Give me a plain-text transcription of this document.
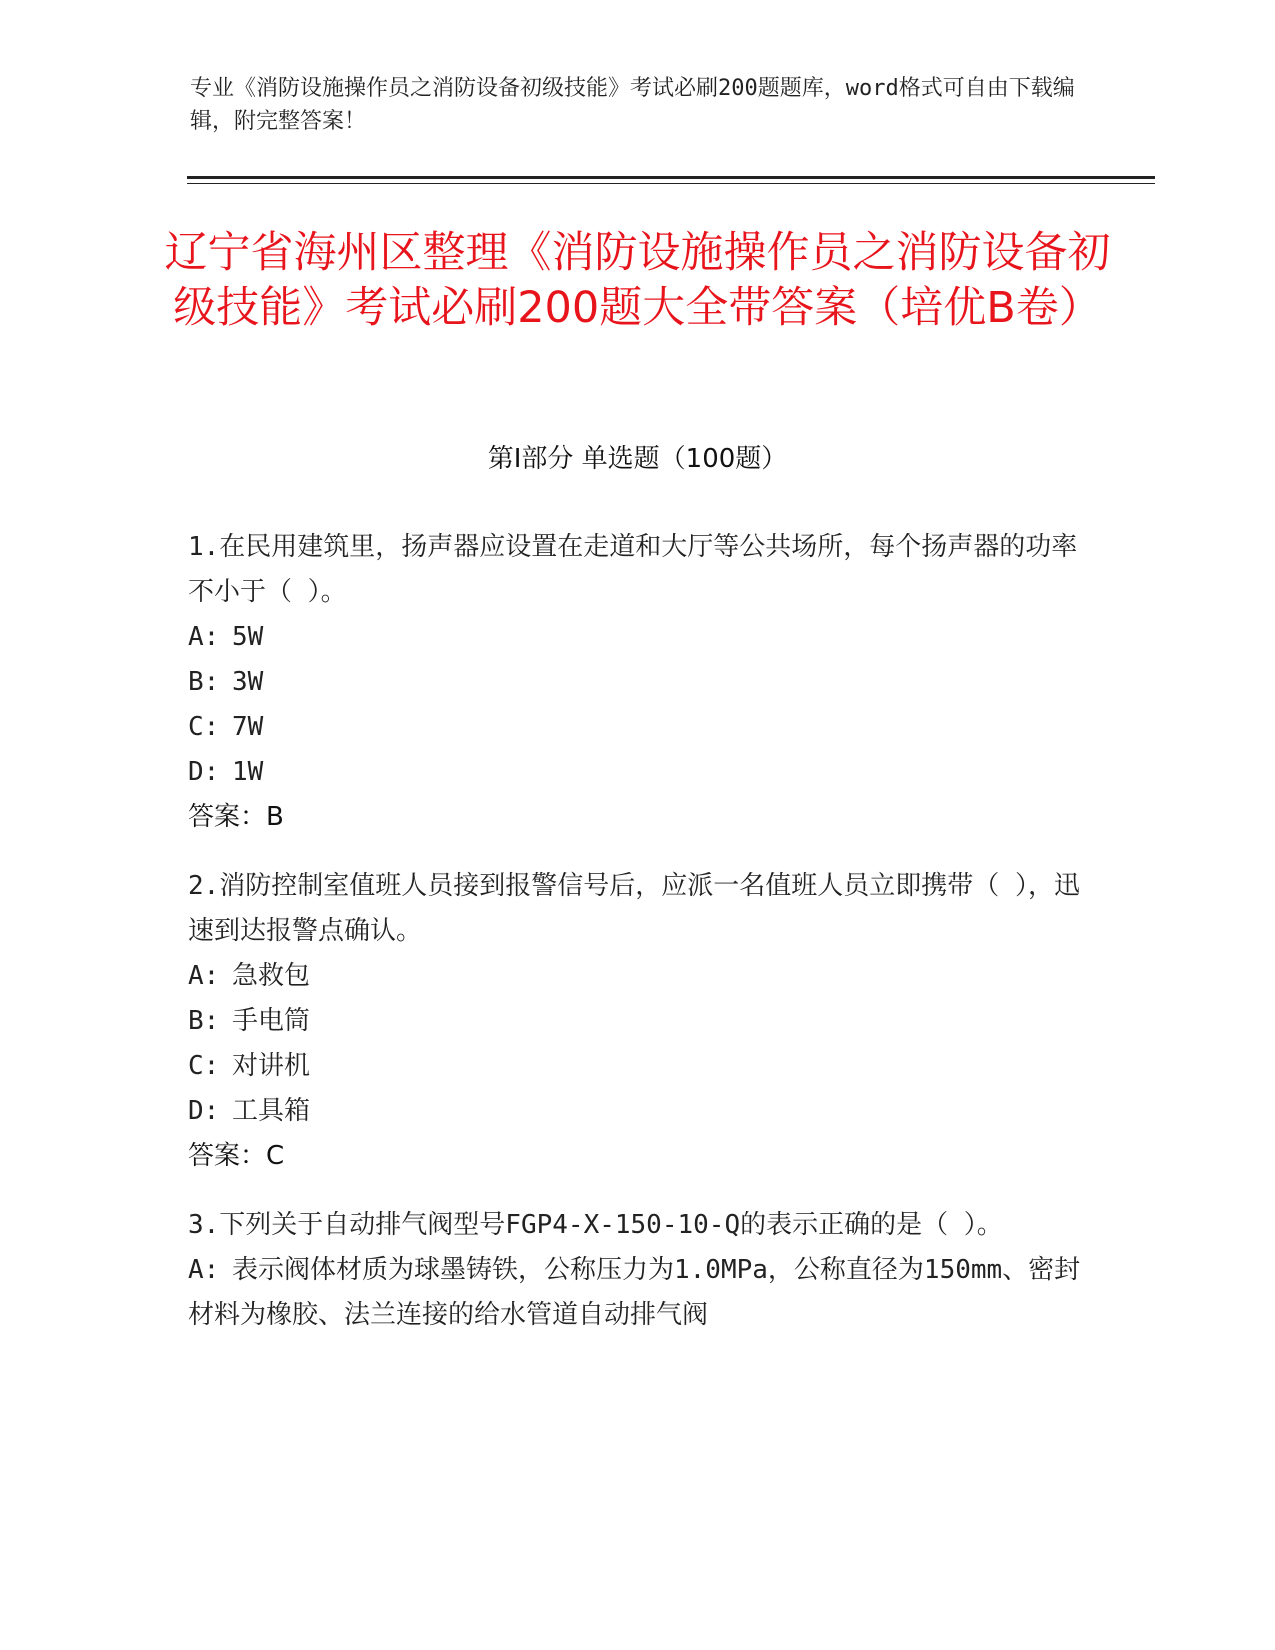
专业《消防设施操作员之消防设备初级技能》考试必刷200题题库，word格式可自由下载编辑，附完整答案！
辽宁省海州区整理《消防设施操作员之消防设备初级技能》考试必刷200题大全带答案（培优B卷）
第I部分 单选题（100题）
1.在民用建筑里，扬声器应设置在走道和大厅等公共场所，每个扬声器的功率不小于（ ）。
A: 5W
B: 3W
C: 7W
D: 1W
答案：B
2.消防控制室值班人员接到报警信号后，应派一名值班人员立即携带（ ），迅速到达报警点确认。
A: 急救包
B: 手电筒
C: 对讲机
D: 工具箱
答案：C
3.下列关于自动排气阀型号FGP4-X-150-10-Q的表示正确的是（ ）。
A: 表示阀体材质为球墨铸铁，公称压力为1.0MPa，公称直径为150mm、密封材料为橡胶、法兰连接的给水管道自动排气阀
